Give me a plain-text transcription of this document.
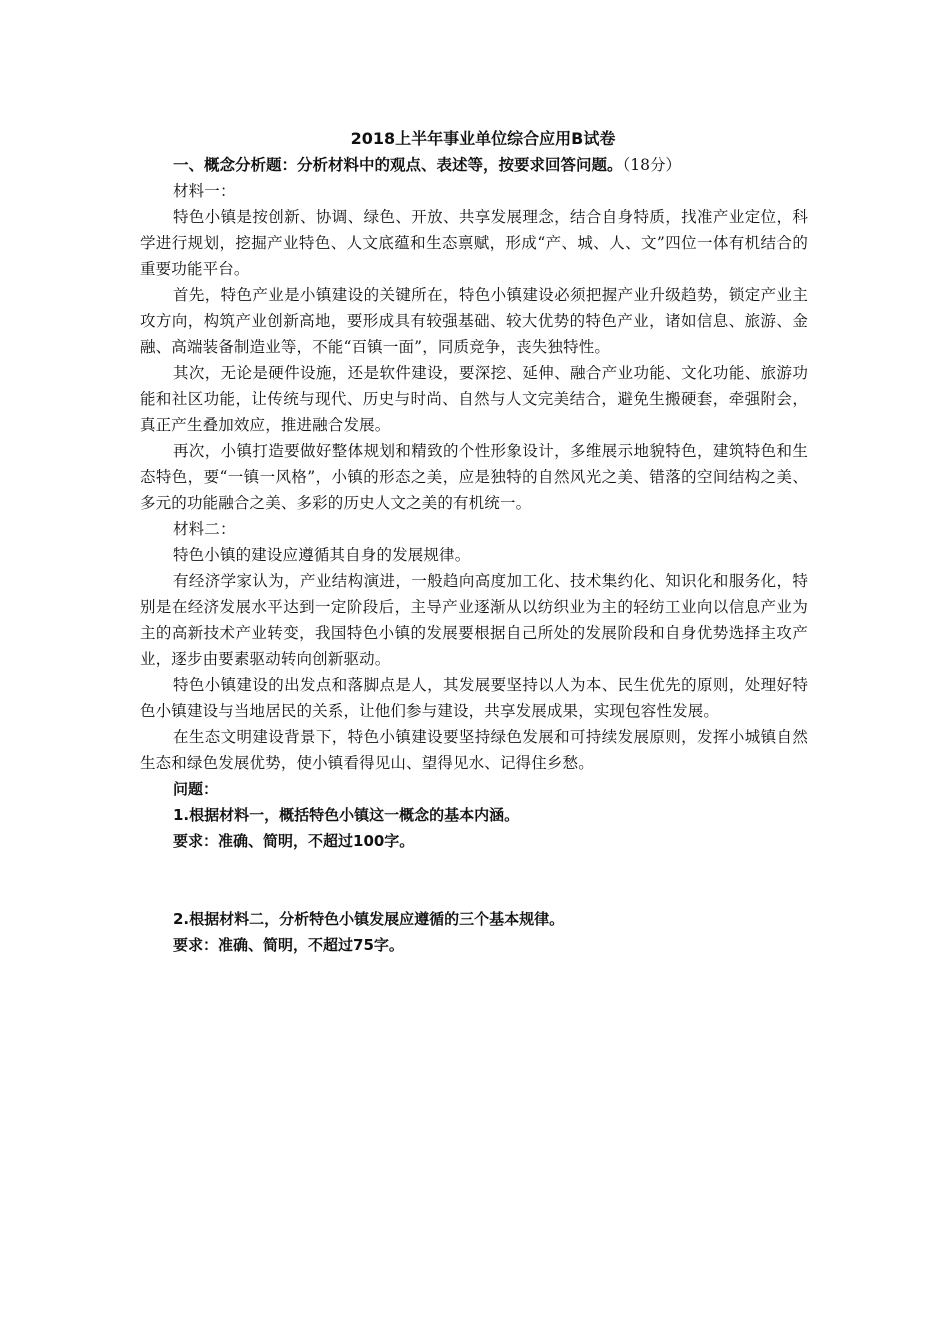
2018上半年事业单位综合应用B试卷

一、概念分析题：分析材料中的观点、表述等，按要求回答问题。（18分）

材料一：

特色小镇是按创新、协调、绿色、开放、共享发展理念，结合自身特质，找准产业定位，科学进行规划，挖掘产业特色、人文底蕴和生态禀赋，形成“产、城、人、文”四位一体有机结合的重要功能平台。

首先，特色产业是小镇建设的关键所在，特色小镇建设必须把握产业升级趋势，锁定产业主攻方向，构筑产业创新高地，要形成具有较强基础、较大优势的特色产业，诸如信息、旅游、金融、高端装备制造业等，不能“百镇一面”，同质竞争，丧失独特性。

其次，无论是硬件设施，还是软件建设，要深挖、延伸、融合产业功能、文化功能、旅游功能和社区功能，让传统与现代、历史与时尚、自然与人文完美结合，避免生搬硬套，牵强附会，真正产生叠加效应，推进融合发展。

再次，小镇打造要做好整体规划和精致的个性形象设计，多维展示地貌特色，建筑特色和生态特色，要“一镇一风格”，小镇的形态之美，应是独特的自然风光之美、错落的空间结构之美、多元的功能融合之美、多彩的历史人文之美的有机统一。

材料二：

特色小镇的建设应遵循其自身的发展规律。

有经济学家认为，产业结构演进，一般趋向高度加工化、技术集约化、知识化和服务化，特别是在经济发展水平达到一定阶段后，主导产业逐渐从以纺织业为主的轻纺工业向以信息产业为主的高新技术产业转变，我国特色小镇的发展要根据自己所处的发展阶段和自身优势选择主攻产业，逐步由要素驱动转向创新驱动。

特色小镇建设的出发点和落脚点是人，其发展要坚持以人为本、民生优先的原则，处理好特色小镇建设与当地居民的关系，让他们参与建设，共享发展成果，实现包容性发展。

在生态文明建设背景下，特色小镇建设要坚持绿色发展和可持续发展原则，发挥小城镇自然生态和绿色发展优势，使小镇看得见山、望得见水、记得住乡愁。

问题：

1.根据材料一，概括特色小镇这一概念的基本内涵。

要求：准确、简明，不超过100字。

2.根据材料二，分析特色小镇发展应遵循的三个基本规律。

要求：准确、简明，不超过75字。
